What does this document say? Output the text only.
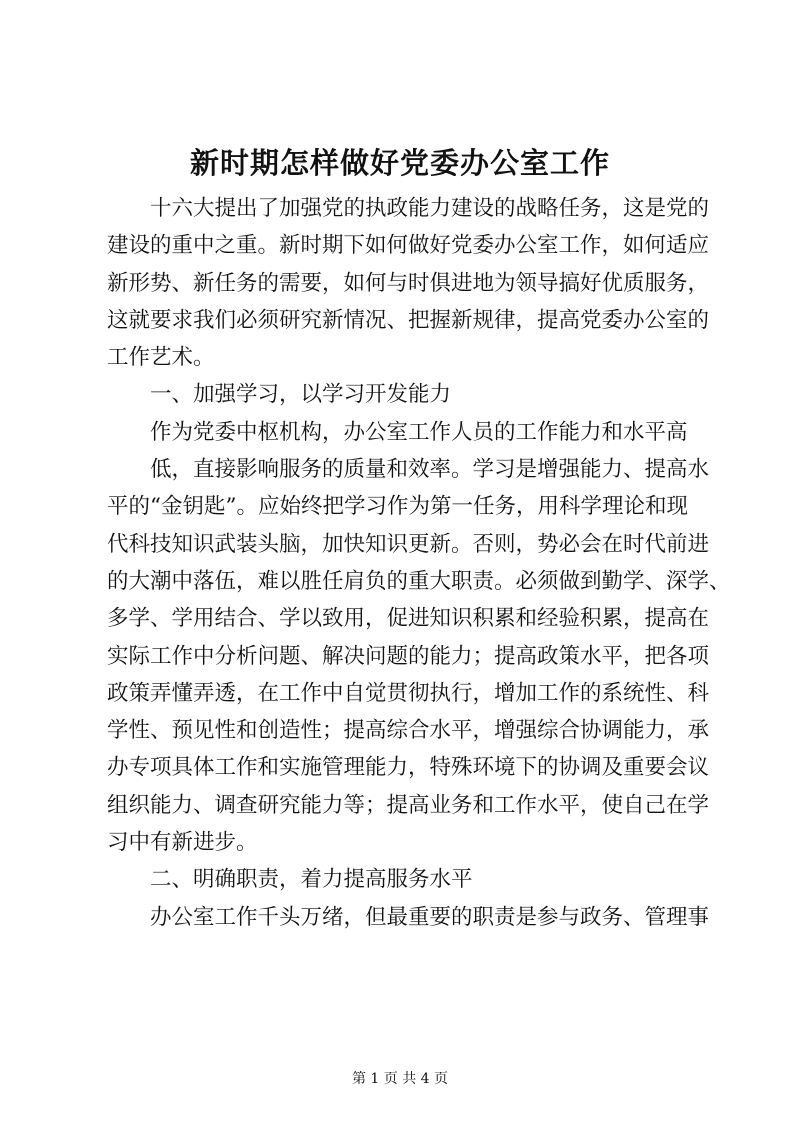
新时期怎样做好党委办公室工作
　　十六大提出了加强党的执政能力建设的战略任务，这是党的
建设的重中之重。新时期下如何做好党委办公室工作，如何适应
新形势、新任务的需要，如何与时俱进地为领导搞好优质服务，
这就要求我们必须研究新情况、把握新规律，提高党委办公室的
工作艺术。
　　一、加强学习，以学习开发能力
　　作为党委中枢机构，办公室工作人员的工作能力和水平高
　　低，直接影响服务的质量和效率。学习是增强能力、提高水
平的“金钥匙”。应始终把学习作为第一任务，用科学理论和现
代科技知识武装头脑，加快知识更新。否则，势必会在时代前进
的大潮中落伍，难以胜任肩负的重大职责。必须做到勤学、深学、
多学、学用结合、学以致用，促进知识积累和经验积累，提高在
实际工作中分析问题、解决问题的能力；提高政策水平，把各项
政策弄懂弄透，在工作中自觉贯彻执行，增加工作的系统性、科
学性、预见性和创造性；提高综合水平，增强综合协调能力，承
办专项具体工作和实施管理能力，特殊环境下的协调及重要会议
组织能力、调查研究能力等；提高业务和工作水平，使自己在学
习中有新进步。
　　二、明确职责，着力提高服务水平
　　办公室工作千头万绪，但最重要的职责是参与政务、管理事
第 1 页 共 4 页
